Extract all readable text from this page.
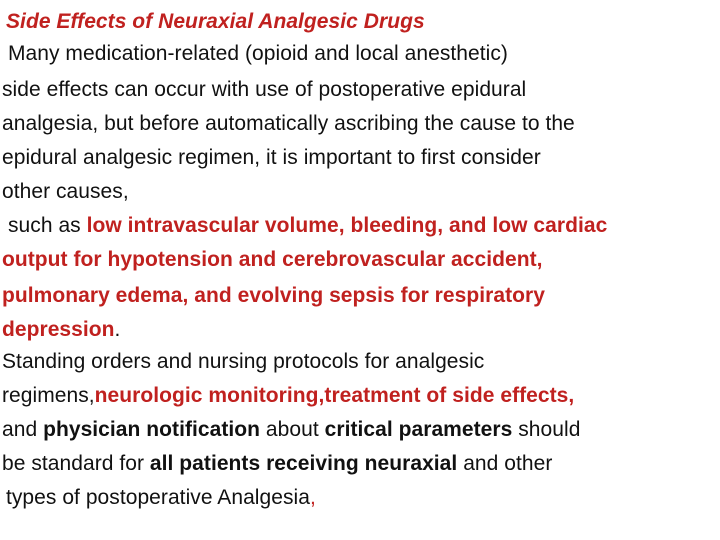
Side Effects of Neuraxial Analgesic Drugs
Many medication-related (opioid and local anesthetic)
side effects can occur with use of postoperative epidural
analgesia, but before automatically ascribing the cause to the
epidural analgesic regimen, it is important to first consider
other causes,
such as low intravascular volume, bleeding, and low cardiac
output for hypotension and cerebrovascular accident,
pulmonary edema, and evolving sepsis for respiratory
depression.
Standing orders and nursing protocols for analgesic
regimens,neurologic monitoring,treatment of side effects,
and physician notification about critical parameters should
be standard for all patients receiving neuraxial and other
types of postoperative Analgesia,
